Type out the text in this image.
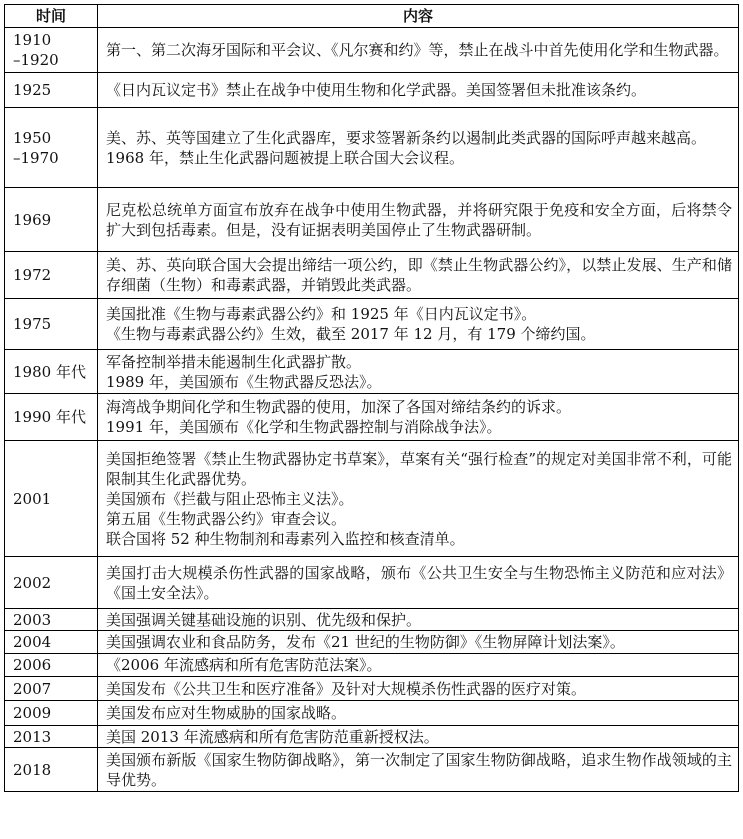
时间	内容
1910
–1920	第一、第二次海牙国际和平会议、《凡尔赛和约》等，禁止在战斗中首先使用化学和生物武器。

1925	《日内瓦议定书》禁止在战争中使用生物和化学武器。美国签署但未批准该条约。

1950
–1970	美、苏、英等国建立了生化武器库，要求签署新条约以遏制此类武器的国际呼声越来越高。
1968 年，禁止生化武器问题被提上联合国大会议程。

1969	尼克松总统单方面宣布放弃在战争中使用生物武器，并将研究限于免疫和安全方面，后将禁令扩大到包括毒素。但是，没有证据表明美国停止了生物武器研制。

1972	美、苏、英向联合国大会提出缔结一项公约，即《禁止生物武器公约》，以禁止发展、生产和储存细菌（生物）和毒素武器，并销毁此类武器。

1975	美国批准《生物与毒素武器公约》和 1925 年《日内瓦议定书》。
《生物与毒素武器公约》生效，截至 2017 年 12 月，有 179 个缔约国。

1980 年代	军备控制举措未能遏制生化武器扩散。
1989 年，美国颁布《生物武器反恐法》。

1990 年代	海湾战争期间化学和生物武器的使用，加深了各国对缔结条约的诉求。
1991 年，美国颁布《化学和生物武器控制与消除战争法》。

2001	美国拒绝签署《禁止生物武器协定书草案》，草案有关“强行检查”的规定对美国非常不利，可能限制其生化武器优势。
美国颁布《拦截与阻止恐怖主义法》。
第五届《生物武器公约》审查会议。
联合国将 52 种生物制剂和毒素列入监控和核查清单。

2002	美国打击大规模杀伤性武器的国家战略，颁布《公共卫生安全与生物恐怖主义防范和应对法》《国土安全法》。

2003	美国强调关键基础设施的识别、优先级和保护。

2004	美国强调农业和食品防务，发布《21 世纪的生物防御》《生物屏障计划法案》。

2006	《2006 年流感病和所有危害防范法案》。

2007	美国发布《公共卫生和医疗准备》及针对大规模杀伤性武器的医疗对策。

2009	美国发布应对生物威胁的国家战略。

2013	美国 2013 年流感病和所有危害防范重新授权法。

2018	美国颁布新版《国家生物防御战略》，第一次制定了国家生物防御战略，追求生物作战领域的主导优势。
